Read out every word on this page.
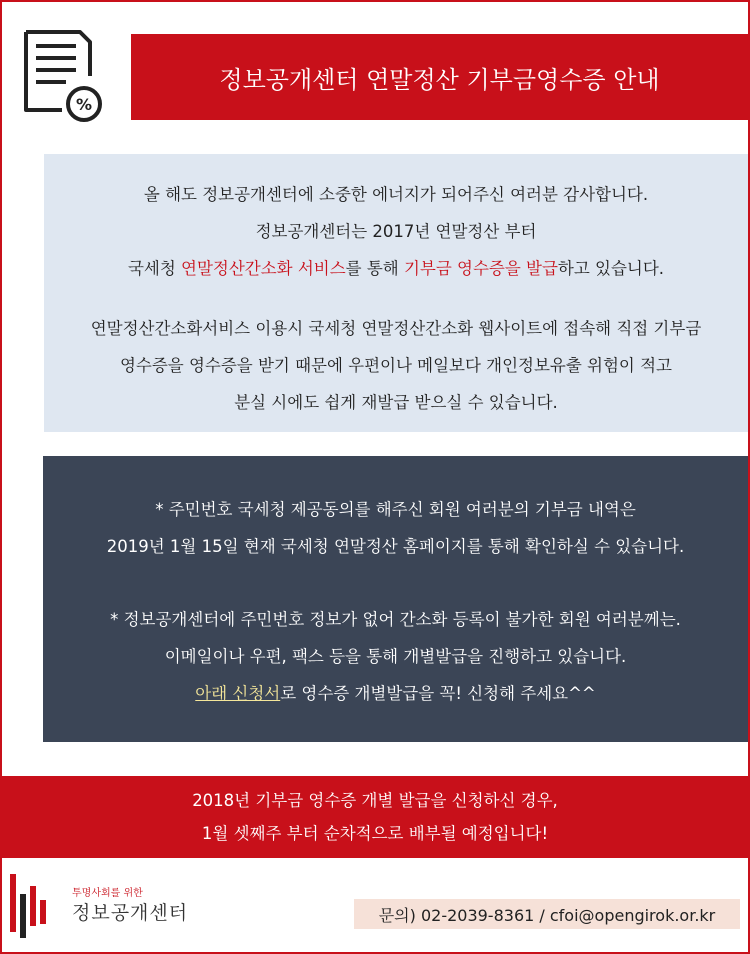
%
정보공개센터 연말정산 기부금영수증 안내

올 해도 정보공개센터에 소중한 에너지가 되어주신 여러분 감사합니다.

정보공개센터는 2017년 연말정산 부터

국세청 연말정산간소화 서비스를 통해 기부금 영수증을 발급하고 있습니다.

연말정산간소화서비스 이용시 국세청 연말정산간소화 웹사이트에 접속해 직접 기부금

영수증을 영수증을 받기 때문에 우편이나 메일보다 개인정보유출 위험이 적고

분실 시에도 쉽게 재발급 받으실 수 있습니다.

* 주민번호 국세청 제공동의를 해주신 회원 여러분의 기부금 내역은

2019년 1월 15일 현재 국세청 연말정산 홈페이지를 통해 확인하실 수 있습니다.

* 정보공개센터에 주민번호 정보가 없어 간소화 등록이 불가한 회원 여러분께는.

이메일이나 우편, 팩스 등을 통해 개별발급을 진행하고 있습니다.

아래 신청서로 영수증 개별발급을 꼭! 신청해 주세요^^

2018년 기부금 영수증 개별 발급을 신청하신 경우,
1월 셋째주 부터 순차적으로 배부될 예정입니다!

투명사회를 위한
정보공개센터	문의) 02-2039-8361 / cfoi@opengirok.or.kr
